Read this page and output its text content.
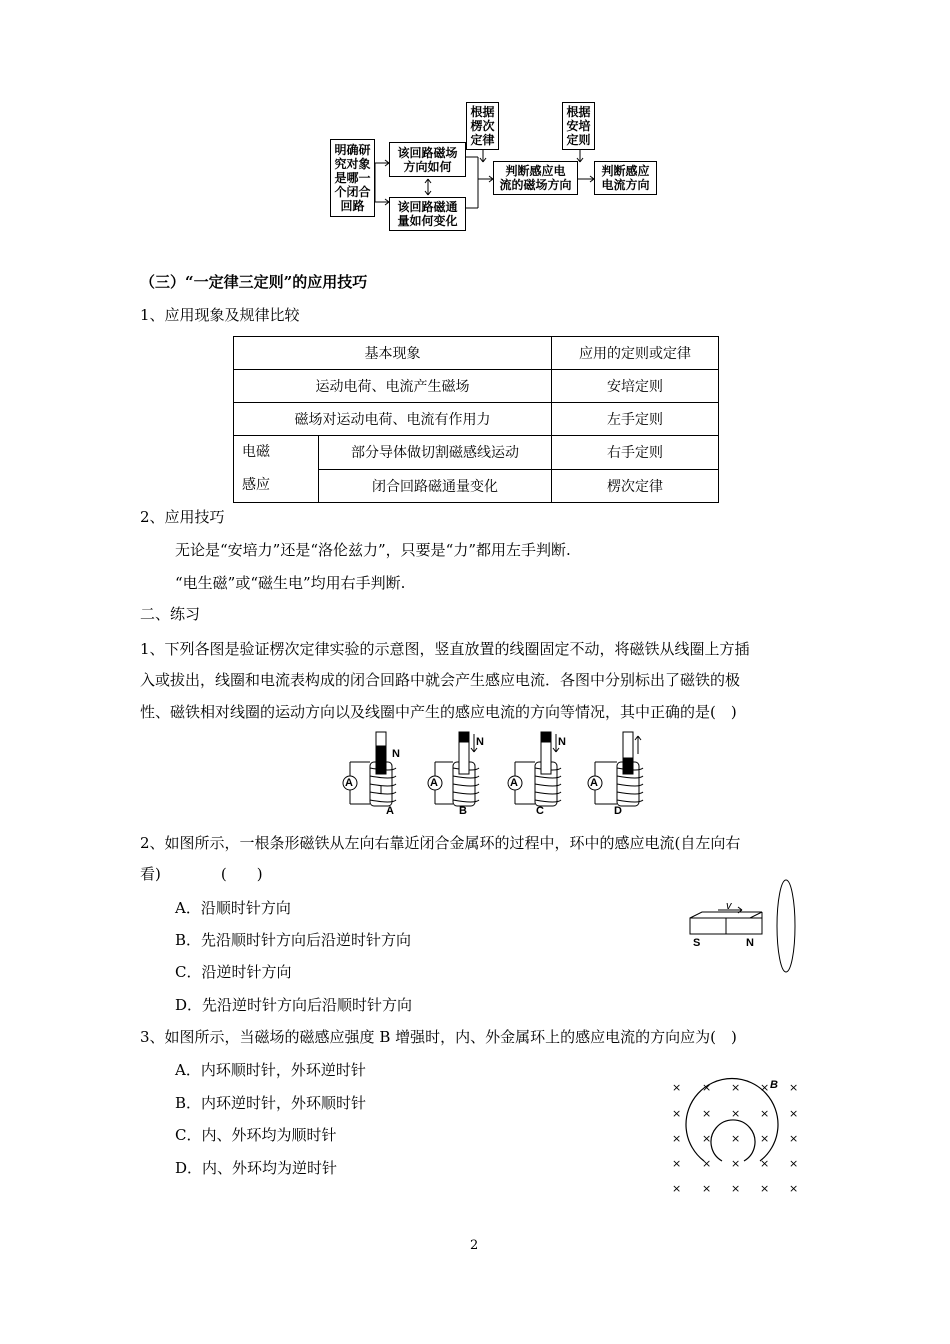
明确研
究对象
是哪一
个闭合
回路
该回路磁场
方向如何
该回路磁通
量如何变化
根据
楞次
定律
判断感应电
流的磁场方向
根据
安培
定则
判断感应
电流方向
（三）“一定律三定则”的应用技巧
1、应用现象及规律比较
基本现象		应用的定则或定律
运动电荷、电流产生磁场		安培定则
磁场对运动电荷、电流有作用力		左手定则

电磁
感应	部分导体做切割磁感线运动	右手定则
	闭合回路磁通量变化	楞次定律
2、应用技巧
无论是“安培力”还是“洛伦兹力”，只要是“力”都用左手判断.
“电生磁”或“磁生电”均用右手判断.
二、练习
1、下列各图是验证楞次定律实验的示意图，竖直放置的线圈固定不动，将磁铁从线圈上方插
入或拔出，线圈和电流表构成的闭合回路中就会产生感应电流．各图中分别标出了磁铁的极
性、磁铁相对线圈的运动方向以及线圈中产生的感应电流的方向等情况，其中正确的是(　)
A	A	A	A
N
N	N
A	B	C	D
2、如图所示，一根条形磁铁从左向右靠近闭合金属环的过程中，环中的感应电流(自左向右
看)　　　　(　　)
A．沿顺时针方向
B．先沿顺时针方向后沿逆时针方向
C．沿逆时针方向
D．先沿逆时针方向后沿顺时针方向
v
S	N
3、如图所示，当磁场的磁感应强度 B 增强时，内、外金属环上的感应电流的方向应为(　)
A．内环顺时针，外环逆时针
B．内环逆时针，外环顺时针
C．内、外环均为顺时针
D．内、外环均为逆时针
× × × × ×
× × × × ×
× × × × ×
× × × × ×
× × × × ×
B
2
